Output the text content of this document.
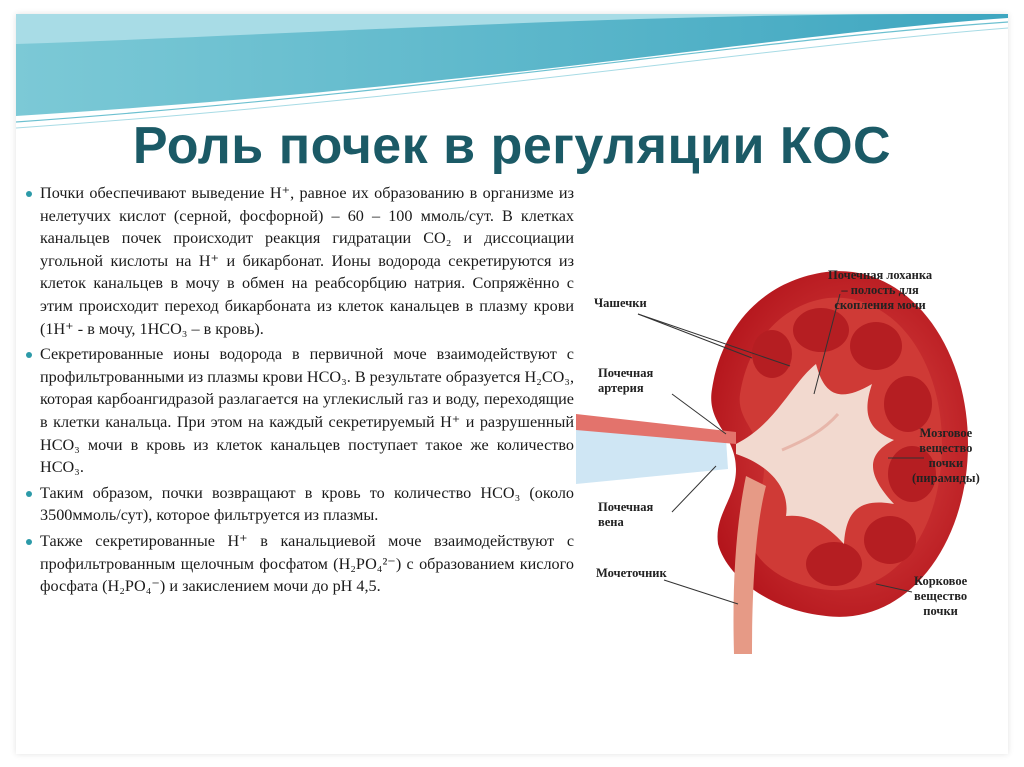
Роль почек в регуляции КОС
Почки обеспечивают выведение Н⁺, равное их образованию в организме из нелетучих кислот (серной, фосфорной) – 60 – 100 ммоль/сут. В клетках канальцев почек происходит реакция гидратации СО₂ и диссоциации угольной кислоты на Н⁺ и бикарбонат. Ионы водорода секретируются из клеток канальцев в мочу в обмен на реабсорбцию натрия. Сопряжённо с этим происходит переход бикарбоната из клеток канальцев в плазму крови (1Н⁺ - в мочу, 1НСО₃ – в кровь).
Секретированные ионы водорода в первичной моче взаимодействуют с профильтрованными из плазмы крови НСО₃. В результате образуется Н₂СО₃, которая карбоангидразой разлагается на углекислый газ и воду, переходящие в клетки канальца. При этом на каждый секретируемый Н⁺ и разрушенный НСО₃ мочи в кровь из клеток канальцев поступает такое же количество НСО₃.
Таким образом, почки возвращают в кровь то количество НСО₃ (около 3500ммоль/сут), которое фильтруется из плазмы.
Также секретированные Н⁺ в канальциевой моче взаимодействуют с профильтрованным щелочным фосфатом (Н₂РО₄²⁻) с образованием кислого фосфата (Н₂РО₄⁻) и закислением мочи до рН 4,5.
Чашечки
Почечная
артерия
Почечная
вена
Мочеточник
Почечная лоханка
– полость для
скопления мочи
Мозговое
вещество
почки
(пирамиды)
Корковое
вещество
почки
